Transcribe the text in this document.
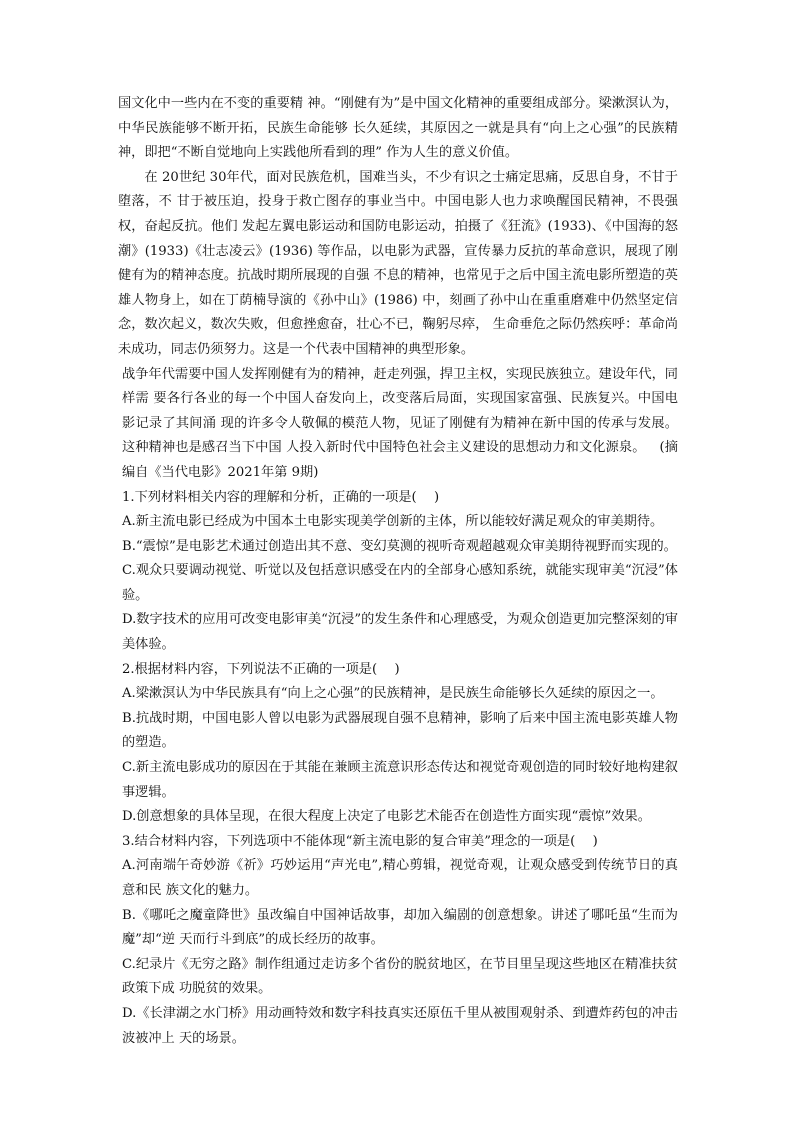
国文化中一些内在不变的重要精 神。“刚健有为”是中国文化精神的重要组成部分。梁漱溟认为，中华民族能够不断开拓，民族生命能够 长久延续，其原因之一就是具有“向上之心强”的民族精神，即把“不断自觉地向上实践他所看到的理” 作为人生的意义价值。

在 20世纪 30年代，面对民族危机，国难当头，不少有识之士痛定思痛，反思自身，不甘于堕落，不 甘于被压迫，投身于救亡图存的事业当中。中国电影人也力求唤醒国民精神，不畏强权，奋起反抗。他们 发起左翼电影运动和国防电影运动，拍摄了《狂流》(1933)、《中国海的怒潮》(1933)《壮志凌云》(1936) 等作品，以电影为武器，宣传暴力反抗的革命意识，展现了刚健有为的精神态度。抗战时期所展现的自强 不息的精神，也常见于之后中国主流电影所塑造的英雄人物身上，如在丁荫楠导演的《孙中山》(1986) 中，刻画了孙中山在重重磨难中仍然坚定信念，数次起义，数次失败，但愈挫愈奋，壮心不已，鞠躬尽瘁， 生命垂危之际仍然疾呼：革命尚未成功，同志仍须努力。这是一个代表中国精神的典型形象。

战争年代需要中国人发挥刚健有为的精神，赶走列强，捍卫主权，实现民族独立。建设年代，同样需 要各行各业的每一个中国人奋发向上，改变落后局面，实现国家富强、民族复兴。中国电影记录了其间涌 现的许多令人敬佩的模范人物，见证了刚健有为精神在新中国的传承与发展。这种精神也是感召当下中国 人投入新时代中国特色社会主义建设的思想动力和文化源泉。 (摘编自《当代电影》2021年第 9期)

1.下列材料相关内容的理解和分析，正确的一项是(　 )

A.新主流电影已经成为中国本土电影实现美学创新的主体，所以能较好满足观众的审美期待。

B.“震惊”是电影艺术通过创造出其不意、变幻莫测的视听奇观超越观众审美期待视野而实现的。

C.观众只要调动视觉、听觉以及包括意识感受在内的全部身心感知系统，就能实现审美“沉浸”体验。

D.数字技术的应用可改变电影审美“沉浸”的发生条件和心理感受，为观众创造更加完整深刻的审美体验。

2.根据材料内容，下列说法不正确的一项是(　 )

A.梁漱溟认为中华民族具有“向上之心强”的民族精神，是民族生命能够长久延续的原因之一。

B.抗战时期，中国电影人曾以电影为武器展现自强不息精神，影响了后来中国主流电影英雄人物的塑造。

C.新主流电影成功的原因在于其能在兼顾主流意识形态传达和视觉奇观创造的同时较好地构建叙事逻辑。

D.创意想象的具体呈现，在很大程度上决定了电影艺术能否在创造性方面实现“震惊”效果。

3.结合材料内容，下列选项中不能体现“新主流电影的复合审美”理念的一项是(　 )

A.河南端午奇妙游《祈》巧妙运用“声光电”,精心剪辑，视觉奇观，让观众感受到传统节日的真意和民 族文化的魅力。

B.《哪吒之魔童降世》虽改编自中国神话故事，却加入编剧的创意想象。讲述了哪吒虽“生而为魔”却“逆 天而行斗到底”的成长经历的故事。

C.纪录片《无穷之路》制作组通过走访多个省份的脱贫地区，在节目里呈现这些地区在精准扶贫政策下成 功脱贫的效果。

D.《长津湖之水门桥》用动画特效和数字科技真实还原伍千里从被围观射杀、到遭炸药包的冲击波被冲上 天的场景。
